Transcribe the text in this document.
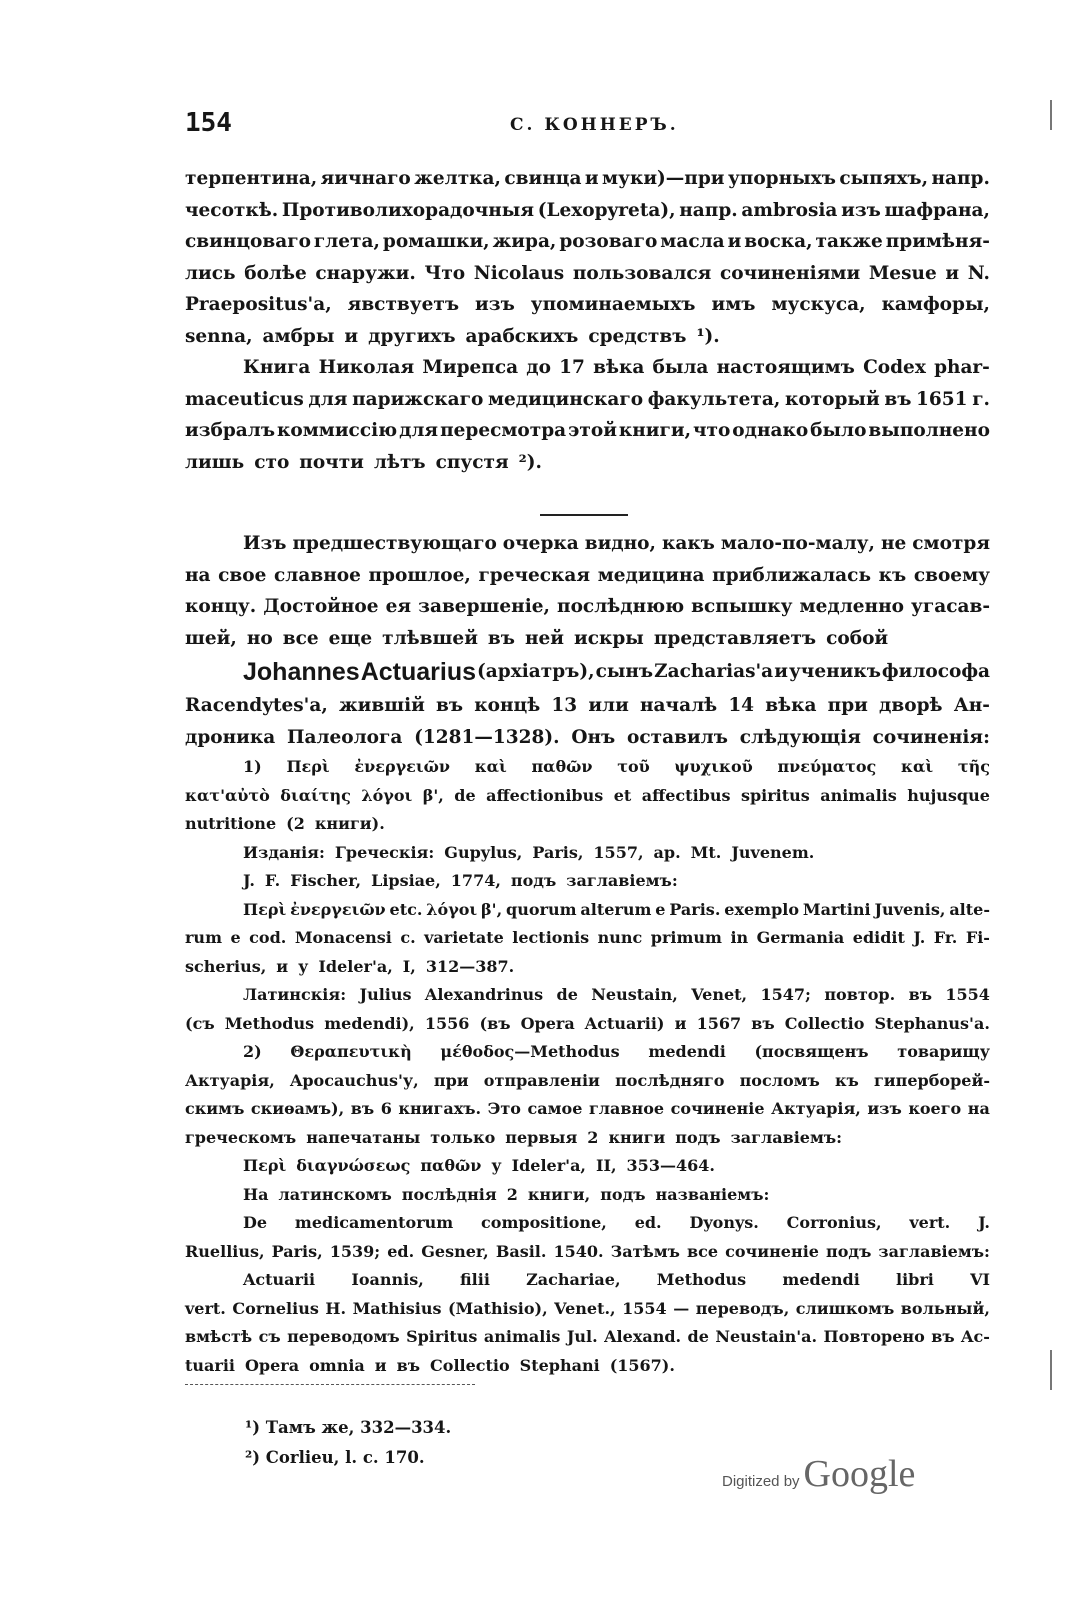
154	С. КОННЕРЪ.
терпентина, яичнаго желтка, свинца и муки)—при упорныхъ сыпяхъ, напр.
чесоткѣ. Противолихорадочныя (Lexopyreta), напр. ambrosia изъ шафрана,
свинцоваго глета, ромашки, жира, розоваго масла и воска, также примѣня-
лись болѣе снаружи. Что Nicolaus пользовался сочиненіями Mesue и N.
Praepositus'а, явствуетъ изъ упоминаемыхъ имъ мускуса, камфоры,
senna, амбры и другихъ арабскихъ средствъ ¹).
Книга Николая Мирепса до 17 вѣка была настоящимъ Codex phar-
maceuticus для парижскаго медицинскаго факультета, который въ 1651 г.
избралъ коммиссію для пересмотра этой книги, что однако было выполнено
лишь сто почти лѣтъ спустя ²).
Изъ предшествующаго очерка видно, какъ мало-по-малу, не смотря
на свое славное прошлое, греческая медицина приближалась къ своему
концу. Достойное ея завершеніе, послѣднюю вспышку медленно угасав-
шей, но все еще тлѣвшей въ ней искры представляетъ собой
Johannes Actuarius (архіатръ), сынъ Zacharias'а и ученикъ философа
Racendytes'а, жившій въ концѣ 13 или началѣ 14 вѣка при дворѣ Ан-
дроника Палеолога (1281—1328). Онъ оставилъ слѣдующія сочиненія:
1) Περὶ ἐνεργειῶν καὶ παθῶν τοῦ ψυχικοῦ πνεύματος καὶ τῆς
κατ'αὐτὸ διαίτης λόγοι β', de affectionibus et affectibus spiritus animalis hujusque
nutritione (2 книги).
Изданія: Греческія: Gupylus, Paris, 1557, ap. Mt. Juvenem.
J. F. Fischer, Lipsiae, 1774, подъ заглавіемъ:
Περὶ ἐνεργειῶν etc. λόγοι β', quorum alterum e Paris. exemplo Martini Juvenis, alte-
rum e cod. Monacensi c. varietate lectionis nunc primum in Germania edidit J. Fr. Fi-
scherius, и у Ideler'а, I, 312—387.
Латинскія: Julius Alexandrinus de Neustain, Venet, 1547; повтор. въ 1554
(съ Methodus medendi), 1556 (въ Opera Actuarii) и 1567 въ Collectio Stephanus'а.
2) Θεραπευτικὴ μέθοδος—Methodus medendi (посвященъ товарищу
Актуарія, Apocauchus'у, при отправленіи послѣдняго посломъ къ гиперборей-
скимъ скиѳамъ), въ 6 книгахъ. Это самое главное сочиненіе Актуарія, изъ коего на
греческомъ напечатаны только первыя 2 книги подъ заглавіемъ:
Περὶ διαγνώσεως παθῶν у Ideler'а, II, 353—464.
На латинскомъ послѣднія 2 книги, подъ названіемъ:
De medicamentorum compositione, ed. Dyonys. Corronius, vert. J.
Ruellius, Paris, 1539; ed. Gesner, Basil. 1540. Затѣмъ все сочиненіе подъ заглавіемъ:
Actuarii Ioannis, filii Zachariae, Methodus medendi libri VI
vert. Cornelius H. Mathisius (Mathisio), Venet., 1554 — переводъ, слишкомъ вольный,
вмѣстѣ съ переводомъ Spiritus animalis Jul. Alexand. de Neustain'а. Повторено въ Ac-
tuarii Opera omnia и въ Collectio Stephani (1567).
¹) Тамъ же, 332—334.
²) Corlieu, l. c. 170.
Digitized by Google
